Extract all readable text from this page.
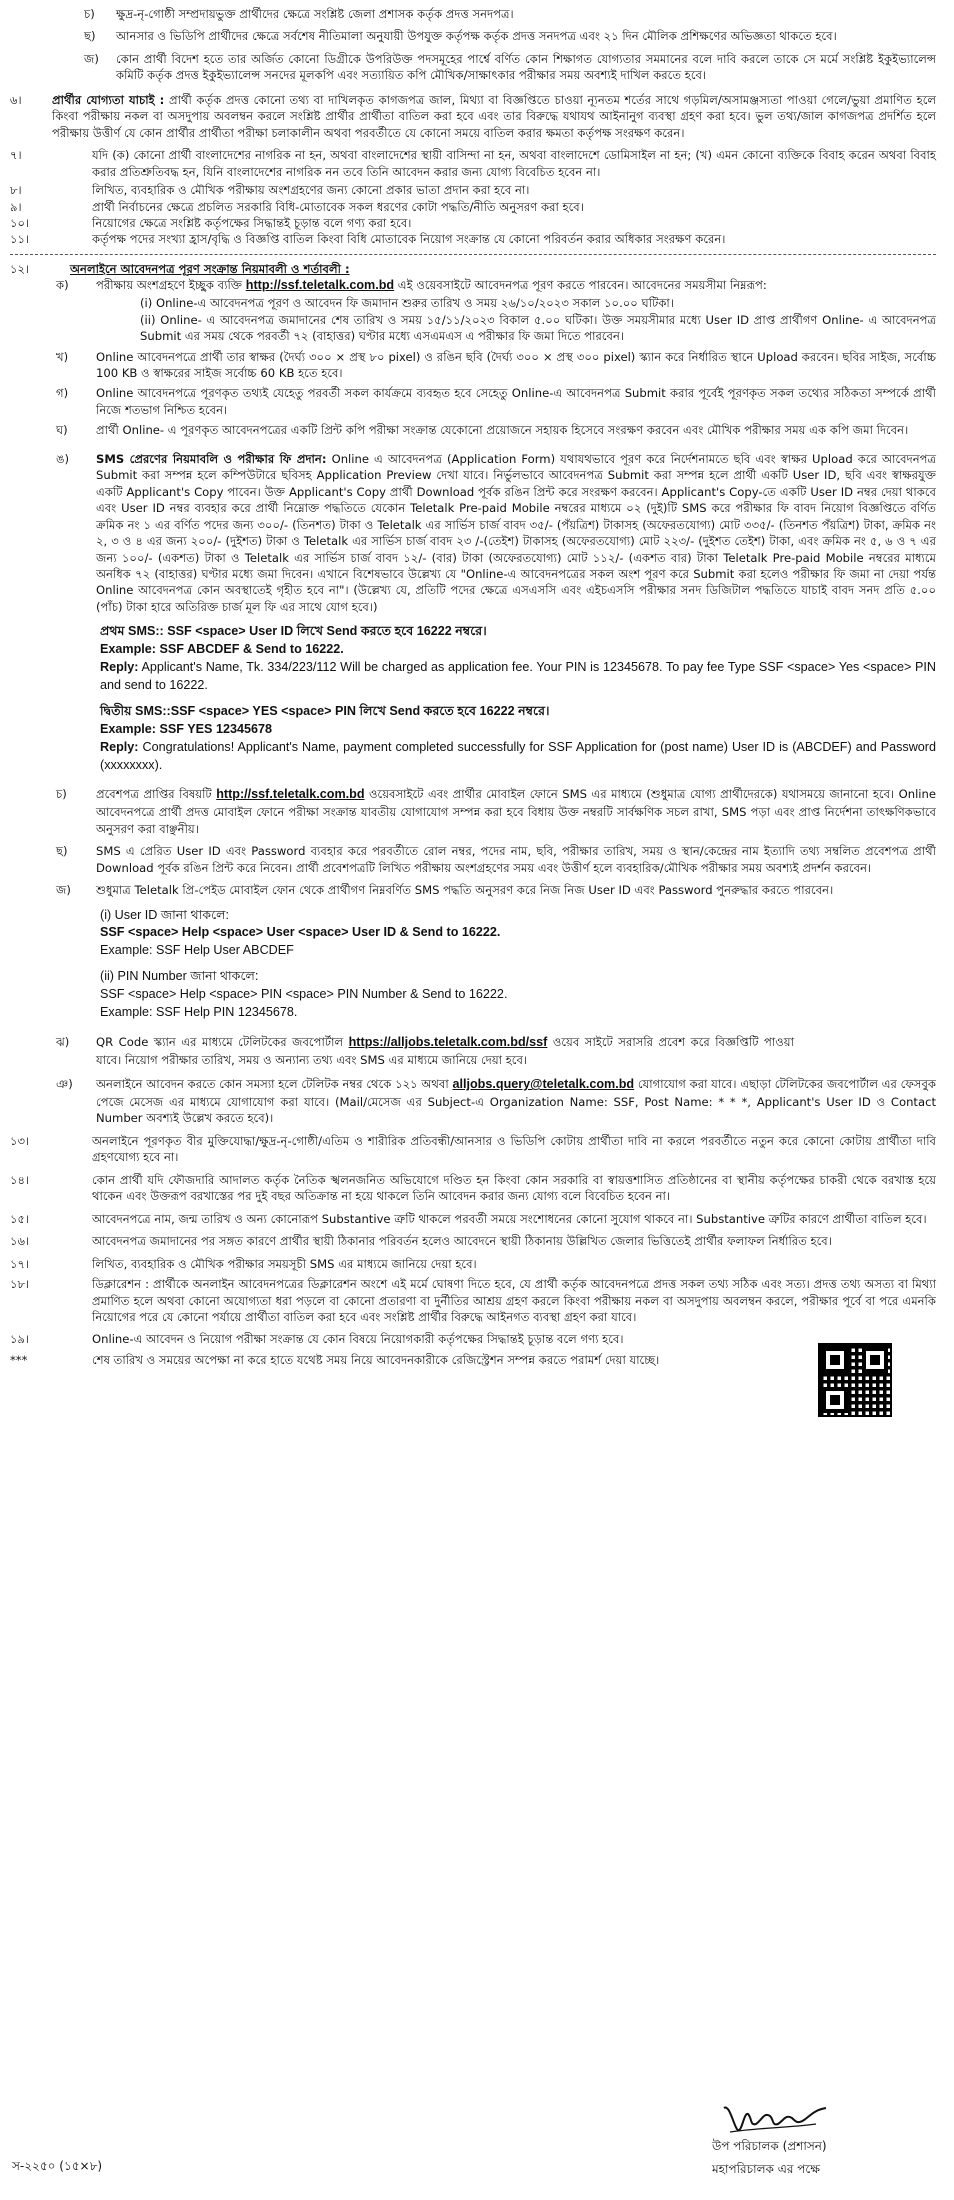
চ)	ক্ষুদ্র-নৃ-গোষ্ঠী সম্প্রদায়ভুক্ত প্রার্থীদের ক্ষেত্রে সংশ্লিষ্ট জেলা প্রশাসক কর্তৃক প্রদত্ত সনদপত্র।
ছ)	আনসার ও ভিডিপি প্রার্থীদের ক্ষেত্রে সর্বশেষ নীতিমালা অনুযায়ী উপযুক্ত কর্তৃপক্ষ কর্তৃক প্রদত্ত সনদপত্র এবং ২১ দিন মৌলিক প্রশিক্ষণের অভিজ্ঞতা থাকতে হবে।
জ)	কোন প্রার্থী বিদেশ হতে তার অর্জিত কোনো ডিগ্রীকে উপরিউক্ত পদসমূহের পার্শ্বে বর্ণিত কোন শিক্ষাগত যোগ্যতার সমমানের বলে দাবি করলে তাকে সে মর্মে সংশ্লিষ্ট ইকুইভ্যালেন্স কমিটি কর্তৃক প্রদত্ত ইকুইভ্যালেন্স সনদের মূলকপি এবং সত্যায়িত কপি মৌখিক/সাক্ষাৎকার পরীক্ষার সময় অবশ্যই দাখিল করতে হবে।
৬।	প্রার্থীর যোগ্যতা যাচাই : প্রার্থী কর্তৃক প্রদত্ত কোনো তথ্য বা দাখিলকৃত কাগজপত্র জাল, মিথ্যা বা বিজ্ঞপ্তিতে চাওয়া ন্যূনতম শর্তের সাথে গড়মিল/অসামঞ্জস্যতা পাওয়া গেলে/ভুয়া প্রমাণিত হলে কিংবা পরীক্ষায় নকল বা অসদুপায় অবলম্বন করলে সংশ্লিষ্ট প্রার্থীর প্রার্থীতা বাতিল করা হবে এবং তার বিরুদ্ধে যথাযথ আইনানুগ ব্যবস্থা গ্রহণ করা হবে। ভুল তথ্য/জাল কাগজপত্র প্রদর্শিত হলে পরীক্ষায় উত্তীর্ণ যে কোন প্রার্থীর প্রার্থীতা পরীক্ষা চলাকালীন অথবা পরবর্তীতে যে কোনো সময়ে বাতিল করার ক্ষমতা কর্তৃপক্ষ সংরক্ষণ করেন।
৭।	যদি (ক) কোনো প্রার্থী বাংলাদেশের নাগরিক না হন, অথবা বাংলাদেশের স্থায়ী বাসিন্দা না হন, অথবা বাংলাদেশে ডোমিসাইল না হন; (খ) এমন কোনো ব্যক্তিকে বিবাহ করেন অথবা বিবাহ করার প্রতিশ্রুতিবদ্ধ হন, যিনি বাংলাদেশের নাগরিক নন তবে তিনি আবেদন করার জন্য যোগ্য বিবেচিত হবেন না।
৮।	লিখিত, ব্যবহারিক ও মৌখিক পরীক্ষায় অংশগ্রহণের জন্য কোনো প্রকার ভাতা প্রদান করা হবে না।
৯।	প্রার্থী নির্বাচনের ক্ষেত্রে প্রচলিত সরকারি বিধি-মোতাবেক সকল ধরণের কোটা পদ্ধতি/নীতি অনুসরণ করা হবে।
১০।	নিয়োগের ক্ষেত্রে সংশ্লিষ্ট কর্তৃপক্ষের সিদ্ধান্তই চূড়ান্ত বলে গণ্য করা হবে।
১১।	কর্তৃপক্ষ পদের সংখ্যা হ্রাস/বৃদ্ধি ও বিজ্ঞপ্তি বাতিল কিংবা বিধি মোতাবেক নিয়োগ সংক্রান্ত যে কোনো পরিবর্তন করার অধিকার সংরক্ষণ করেন।
১২।	অনলাইনে আবেদনপত্র পূরণ সংক্রান্ত নিয়মাবলী ও শর্তাবলী :
ক)	পরীক্ষায় অংশগ্রহণে ইচ্ছুক ব্যক্তি http://ssf.teletalk.com.bd এই ওয়েবসাইটে আবেদনপত্র পূরণ করতে পারবেন। আবেদনের সময়সীমা নিম্নরূপ:
(i) Online-এ আবেদনপত্র পূরণ ও আবেদন ফি জমাদান শুরুর তারিখ ও সময় ২৬/১০/২০২৩ সকাল ১০.০০ ঘটিকা।
(ii) Online- এ আবেদনপত্র জমাদানের শেষ তারিখ ও সময় ১৫/১১/২০২৩ বিকাল ৫.০০ ঘটিকা। উক্ত সময়সীমার মধ্যে User ID প্রাপ্ত প্রার্থীগণ Online- এ আবেদনপত্র Submit এর সময় থেকে পরবর্তী ৭২ (বাহাত্তর) ঘণ্টার মধ্যে এসএমএস এ পরীক্ষার ফি জমা দিতে পারবেন।
খ)	Online আবেদনপত্রে প্রার্থী তার স্বাক্ষর (দৈর্ঘ্য ৩০০ × প্রস্থ ৮০ pixel) ও রঙিন ছবি (দৈর্ঘ্য ৩০০ × প্রস্থ ৩০০ pixel) স্ক্যান করে নির্ধারিত স্থানে Upload করবেন। ছবির সাইজ, সর্বোচ্চ 100 KB ও স্বাক্ষরের সাইজ সর্বোচ্চ 60 KB হতে হবে।
গ)	Online আবেদনপত্রে পূরণকৃত তথ্যই যেহেতু পরবর্তী সকল কার্যক্রমে ব্যবহৃত হবে সেহেতু Online-এ আবেদনপত্র Submit করার পূর্বেই পূরণকৃত সকল তথ্যের সঠিকতা সম্পর্কে প্রার্থী নিজে শতভাগ নিশ্চিত হবেন।
ঘ)	প্রার্থী Online- এ পূরণকৃত আবেদনপত্রের একটি প্রিন্ট কপি পরীক্ষা সংক্রান্ত যেকোনো প্রয়োজনে সহায়ক হিসেবে সংরক্ষণ করবেন এবং মৌখিক পরীক্ষার সময় এক কপি জমা দিবেন।
ঙ)	SMS প্রেরণের নিয়মাবলি ও পরীক্ষার ফি প্রদান: Online এ আবেদনপত্র (Application Form) যথাযথভাবে পূরণ করে নির্দেশনামতে ছবি এবং স্বাক্ষর Upload করে আবেদনপত্র Submit করা সম্পন্ন হলে কম্পিউটারে ছবিসহ Application Preview দেখা যাবে। নির্ভুলভাবে আবেদনপত্র Submit করা সম্পন্ন হলে প্রার্থী একটি User ID, ছবি এবং স্বাক্ষরযুক্ত একটি Applicant's Copy পাবেন। উক্ত Applicant's Copy প্রার্থী Download পূর্বক রঙিন প্রিন্ট করে সংরক্ষণ করবেন। Applicant's Copy-তে একটি User ID নম্বর দেয়া থাকবে এবং User ID নম্বর ব্যবহার করে প্রার্থী নিম্নোক্ত পদ্ধতিতে যেকোন Teletalk Pre-paid Mobile নম্বরের মাধ্যমে ০২ (দুই)টি SMS করে পরীক্ষার ফি বাবদ নিয়োগ বিজ্ঞপ্তিতে বর্ণিত ক্রমিক নং ১ এর বর্ণিত পদের জন্য ৩০০/- (তিনশত) টাকা ও Teletalk এর সার্ভিস চার্জ বাবদ ৩৫/- (পঁয়ত্রিশ) টাকাসহ (অফেরতযোগ্য) মোট ৩৩৫/- (তিনশত পঁয়ত্রিশ) টাকা, ক্রমিক নং ২, ৩ ও ৪ এর জন্য ২০০/- (দুইশত) টাকা ও Teletalk এর সার্ভিস চার্জ বাবদ ২৩ /-(তেইশ) টাকাসহ (অফেরতযোগ্য) মোট ২২৩/- (দুইশত তেইশ) টাকা, এবং ক্রমিক নং ৫, ৬ ও ৭ এর জন্য ১০০/- (একশত) টাকা ও Teletalk এর সার্ভিস চার্জ বাবদ ১২/- (বার) টাকা (অফেরতযোগ্য) মোট ১১২/- (একশত বার) টাকা Teletalk Pre-paid Mobile নম্বরের মাধ্যমে অনধিক ৭২ (বাহাত্তর) ঘণ্টার মধ্যে জমা দিবেন। এখানে বিশেষভাবে উল্লেখ্য যে "Online-এ আবেদনপত্রের সকল অংশ পূরণ করে Submit করা হলেও পরীক্ষার ফি জমা না দেয়া পর্যন্ত Online আবেদনপত্র কোন অবস্থাতেই গৃহীত হবে না"। (উল্লেখ্য যে, প্রতিটি পদের ক্ষেত্রে এসএসসি এবং এইচএসসি পরীক্ষার সনদ ডিজিটাল পদ্ধতিতে যাচাই বাবদ সনদ প্রতি ৫.০০ (পাঁচ) টাকা হারে অতিরিক্ত চার্জ মূল ফি এর সাথে যোগ হবে।)
প্রথম SMS:: SSF <space> User ID লিখে Send করতে হবে 16222 নম্বরে।
Example: SSF ABCDEF & Send to 16222.
Reply: Applicant's Name, Tk. 334/223/112 Will be charged as application fee. Your PIN is 12345678. To pay fee Type SSF <space> Yes <space> PIN and send to 16222.
দ্বিতীয় SMS::SSF <space> YES <space> PIN লিখে Send করতে হবে 16222 নম্বরে।
Example: SSF YES 12345678
Reply: Congratulations! Applicant's Name, payment completed successfully for SSF Application for (post name) User ID is (ABCDEF) and Password (xxxxxxxx).
চ)	প্রবেশপত্র প্রাপ্তির বিষয়টি http://ssf.teletalk.com.bd ওয়েবসাইটে এবং প্রার্থীর মোবাইল ফোনে SMS এর মাধ্যমে (শুধুমাত্র যোগ্য প্রার্থীদেরকে) যথাসময়ে জানানো হবে। Online আবেদনপত্রে প্রার্থী প্রদত্ত মোবাইল ফোনে পরীক্ষা সংক্রান্ত যাবতীয় যোগাযোগ সম্পন্ন করা হবে বিধায় উক্ত নম্বরটি সার্বক্ষণিক সচল রাখা, SMS পড়া এবং প্রাপ্ত নির্দেশনা তাৎক্ষণিকভাবে অনুসরণ করা বাঞ্ছনীয়।
ছ)	SMS এ প্রেরিত User ID এবং Password ব্যবহার করে পরবর্তীতে রোল নম্বর, পদের নাম, ছবি, পরীক্ষার তারিখ, সময় ও স্থান/কেন্দ্রের নাম ইত্যাদি তথ্য সম্বলিত প্রবেশপত্র প্রার্থী Download পূর্বক রঙিন প্রিন্ট করে নিবেন। প্রার্থী প্রবেশপত্রটি লিখিত পরীক্ষায় অংশগ্রহণের সময় এবং উত্তীর্ণ হলে ব্যবহারিক/মৌখিক পরীক্ষার সময় অবশ্যই প্রদর্শন করবেন।
জ)	শুধুমাত্র Teletalk প্রি-পেইড মোবাইল ফোন থেকে প্রার্থীগণ নিম্নবর্ণিত SMS পদ্ধতি অনুসরণ করে নিজ নিজ User ID এবং Password পুনরুদ্ধার করতে পারবেন।
(i) User ID জানা থাকলে:
SSF <space> Help <space> User <space> User ID & Send to 16222.
Example: SSF Help User ABCDEF
(ii) PIN Number জানা থাকলে:
SSF <space> Help <space> PIN <space> PIN Number & Send to 16222.
Example: SSF Help PIN 12345678.
ঝ)	QR Code স্ক্যান এর মাধ্যমে টেলিটকের জবপোর্টাল https://alljobs.teletalk.com.bd/ssf ওয়েব সাইটে সরাসরি প্রবেশ করে বিজ্ঞপ্তিটি পাওয়া যাবে। নিয়োগ পরীক্ষার তারিখ, সময় ও অন্যান্য তথ্য এবং SMS এর মাধ্যমে জানিয়ে দেয়া হবে।
ঞ)	অনলাইনে আবেদন করতে কোন সমস্যা হলে টেলিটক নম্বর থেকে ১২১ অথবা alljobs.query@teletalk.com.bd যোগাযোগ করা যাবে। এছাড়া টেলিটকের জবপোর্টাল এর ফেসবুক পেজে মেসেজ এর মাধ্যমে যোগাযোগ করা যাবে। (Mail/মেসেজ এর Subject-এ Organization Name: SSF, Post Name: * * *, Applicant's User ID ও Contact Number অবশ্যই উল্লেখ করতে হবে)।
১৩।	অনলাইনে পূরণকৃত বীর মুক্তিযোদ্ধা/ক্ষুদ্র-নৃ-গোষ্ঠী/এতিম ও শারীরিক প্রতিবন্ধী/আনসার ও ভিডিপি কোটায় প্রার্থীতা দাবি না করলে পরবর্তীতে নতুন করে কোনো কোটায় প্রার্থীতা দাবি গ্রহণযোগ্য হবে না।
১৪।	কোন প্রার্থী যদি ফৌজদারি আদালত কর্তৃক নৈতিক স্খলনজনিত অভিযোগে দণ্ডিত হন কিংবা কোন সরকারি বা স্বায়ত্তশাসিত প্রতিষ্ঠানের বা স্থানীয় কর্তৃপক্ষের চাকরী থেকে বরখাস্ত হয়ে থাকেন এবং উক্তরূপ বরখাস্তের পর দুই বছর অতিক্রান্ত না হয়ে থাকলে তিনি আবেদন করার জন্য যোগ্য বলে বিবেচিত হবেন না।
১৫।	আবেদনপত্রে নাম, জন্ম তারিখ ও অন্য কোনোরূপ Substantive ত্রুটি থাকলে পরবর্তী সময়ে সংশোধনের কোনো সুযোগ থাকবে না। Substantive ত্রুটির কারণে প্রার্থীতা বাতিল হবে।
১৬।	আবেদনপত্র জমাদানের পর সঙ্গত কারণে প্রার্থীর স্থায়ী ঠিকানার পরিবর্তন হলেও আবেদনে স্থায়ী ঠিকানায় উল্লিখিত জেলার ভিত্তিতেই প্রার্থীর ফলাফল নির্ধারিত হবে।
১৭।	লিখিত, ব্যবহারিক ও মৌখিক পরীক্ষার সময়সূচী SMS এর মাধ্যমে জানিয়ে দেয়া হবে।
১৮।	ডিক্লারেশন : প্রার্থীকে অনলাইন আবেদনপত্রের ডিক্লারেশন অংশে এই মর্মে ঘোষণা দিতে হবে, যে প্রার্থী কর্তৃক আবেদনপত্রে প্রদত্ত সকল তথ্য সঠিক এবং সত্য। প্রদত্ত তথ্য অসত্য বা মিথ্যা প্রমাণিত হলে অথবা কোনো অযোগ্যতা ধরা পড়লে বা কোনো প্রতারণা বা দুর্নীতির আশ্রয় গ্রহণ করলে কিংবা পরীক্ষায় নকল বা অসদুপায় অবলম্বন করলে, পরীক্ষার পূর্বে বা পরে এমনকি নিয়োগের পরে যে কোনো পর্যায়ে প্রার্থীতা বাতিল করা হবে এবং সংশ্লিষ্ট প্রার্থীর বিরুদ্ধে আইনগত ব্যবস্থা গ্রহণ করা যাবে।
১৯।	Online-এ আবেদন ও নিয়োগ পরীক্ষা সংক্রান্ত যে কোন বিষয়ে নিয়োগকারী কর্তৃপক্ষের সিদ্ধান্তই চূড়ান্ত বলে গণ্য হবে।
***	শেষ তারিখ ও সময়ের অপেক্ষা না করে হাতে যথেষ্ট সময় নিয়ে আবেদনকারীকে রেজিস্ট্রেশন সম্পন্ন করতে পরামর্শ দেয়া যাচ্ছে।
উপ পরিচালক (প্রশাসন)
মহাপরিচালক এর পক্ষে
স-২২৫০ (১৫×৮)
